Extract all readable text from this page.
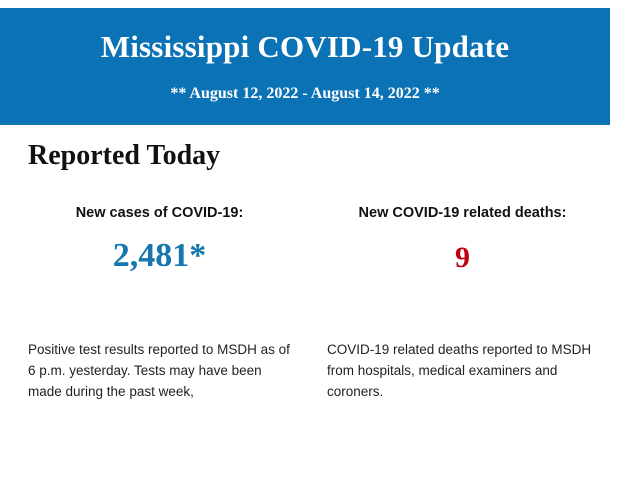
Mississippi COVID-19 Update
** August 12, 2022 - August 14, 2022 **
Reported Today
New cases of COVID-19:
2,481*
New COVID-19 related deaths:
9

Positive test results reported to MSDH as of 6 p.m. yesterday. Tests may have been made during the past week,

COVID-19 related deaths reported to MSDH from hospitals, medical examiners and coroners.
